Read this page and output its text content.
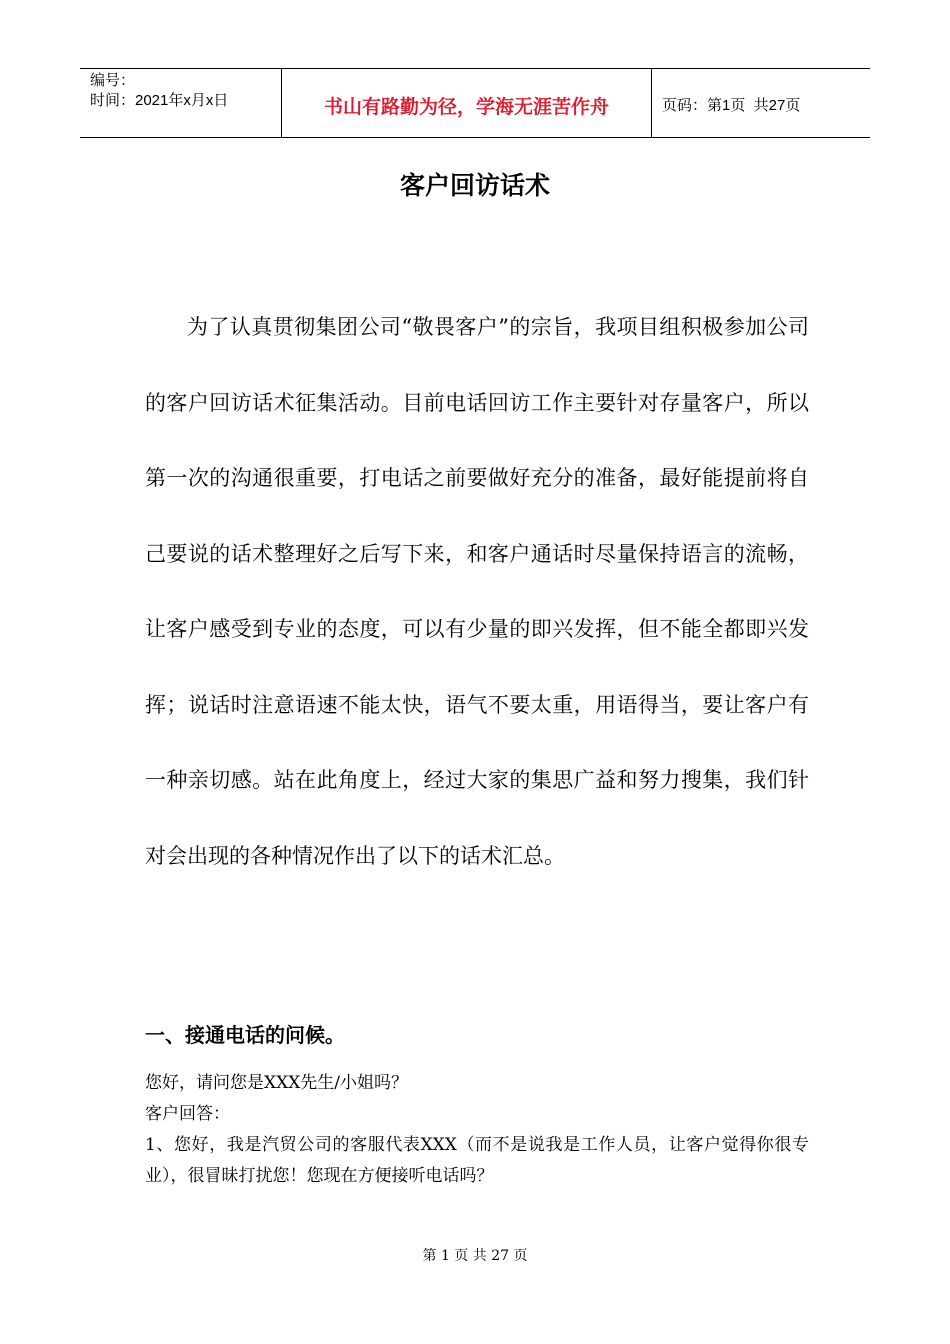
编号：
时间：2021年x月x日	书山有路勤为径，学海无涯苦作舟	页码：第1页  共27页
客户回访话术

为了认真贯彻集团公司“敬畏客户”的宗旨，我项目组积极参加公司的客户回访话术征集活动。目前电话回访工作主要针对存量客户，所以第一次的沟通很重要，打电话之前要做好充分的准备，最好能提前将自己要说的话术整理好之后写下来，和客户通话时尽量保持语言的流畅，让客户感受到专业的态度，可以有少量的即兴发挥，但不能全都即兴发挥；说话时注意语速不能太快，语气不要太重，用语得当，要让客户有一种亲切感。站在此角度上，经过大家的集思广益和努力搜集，我们针对会出现的各种情况作出了以下的话术汇总。

一、接通电话的问候。

您好，请问您是XXX先生/小姐吗？

客户回答：

1、您好，我是汽贸公司的客服代表XXX（而不是说我是工作人员，让客户觉得你很专业），很冒昧打扰您！您现在方便接听电话吗？

第 1 页 共 27 页
